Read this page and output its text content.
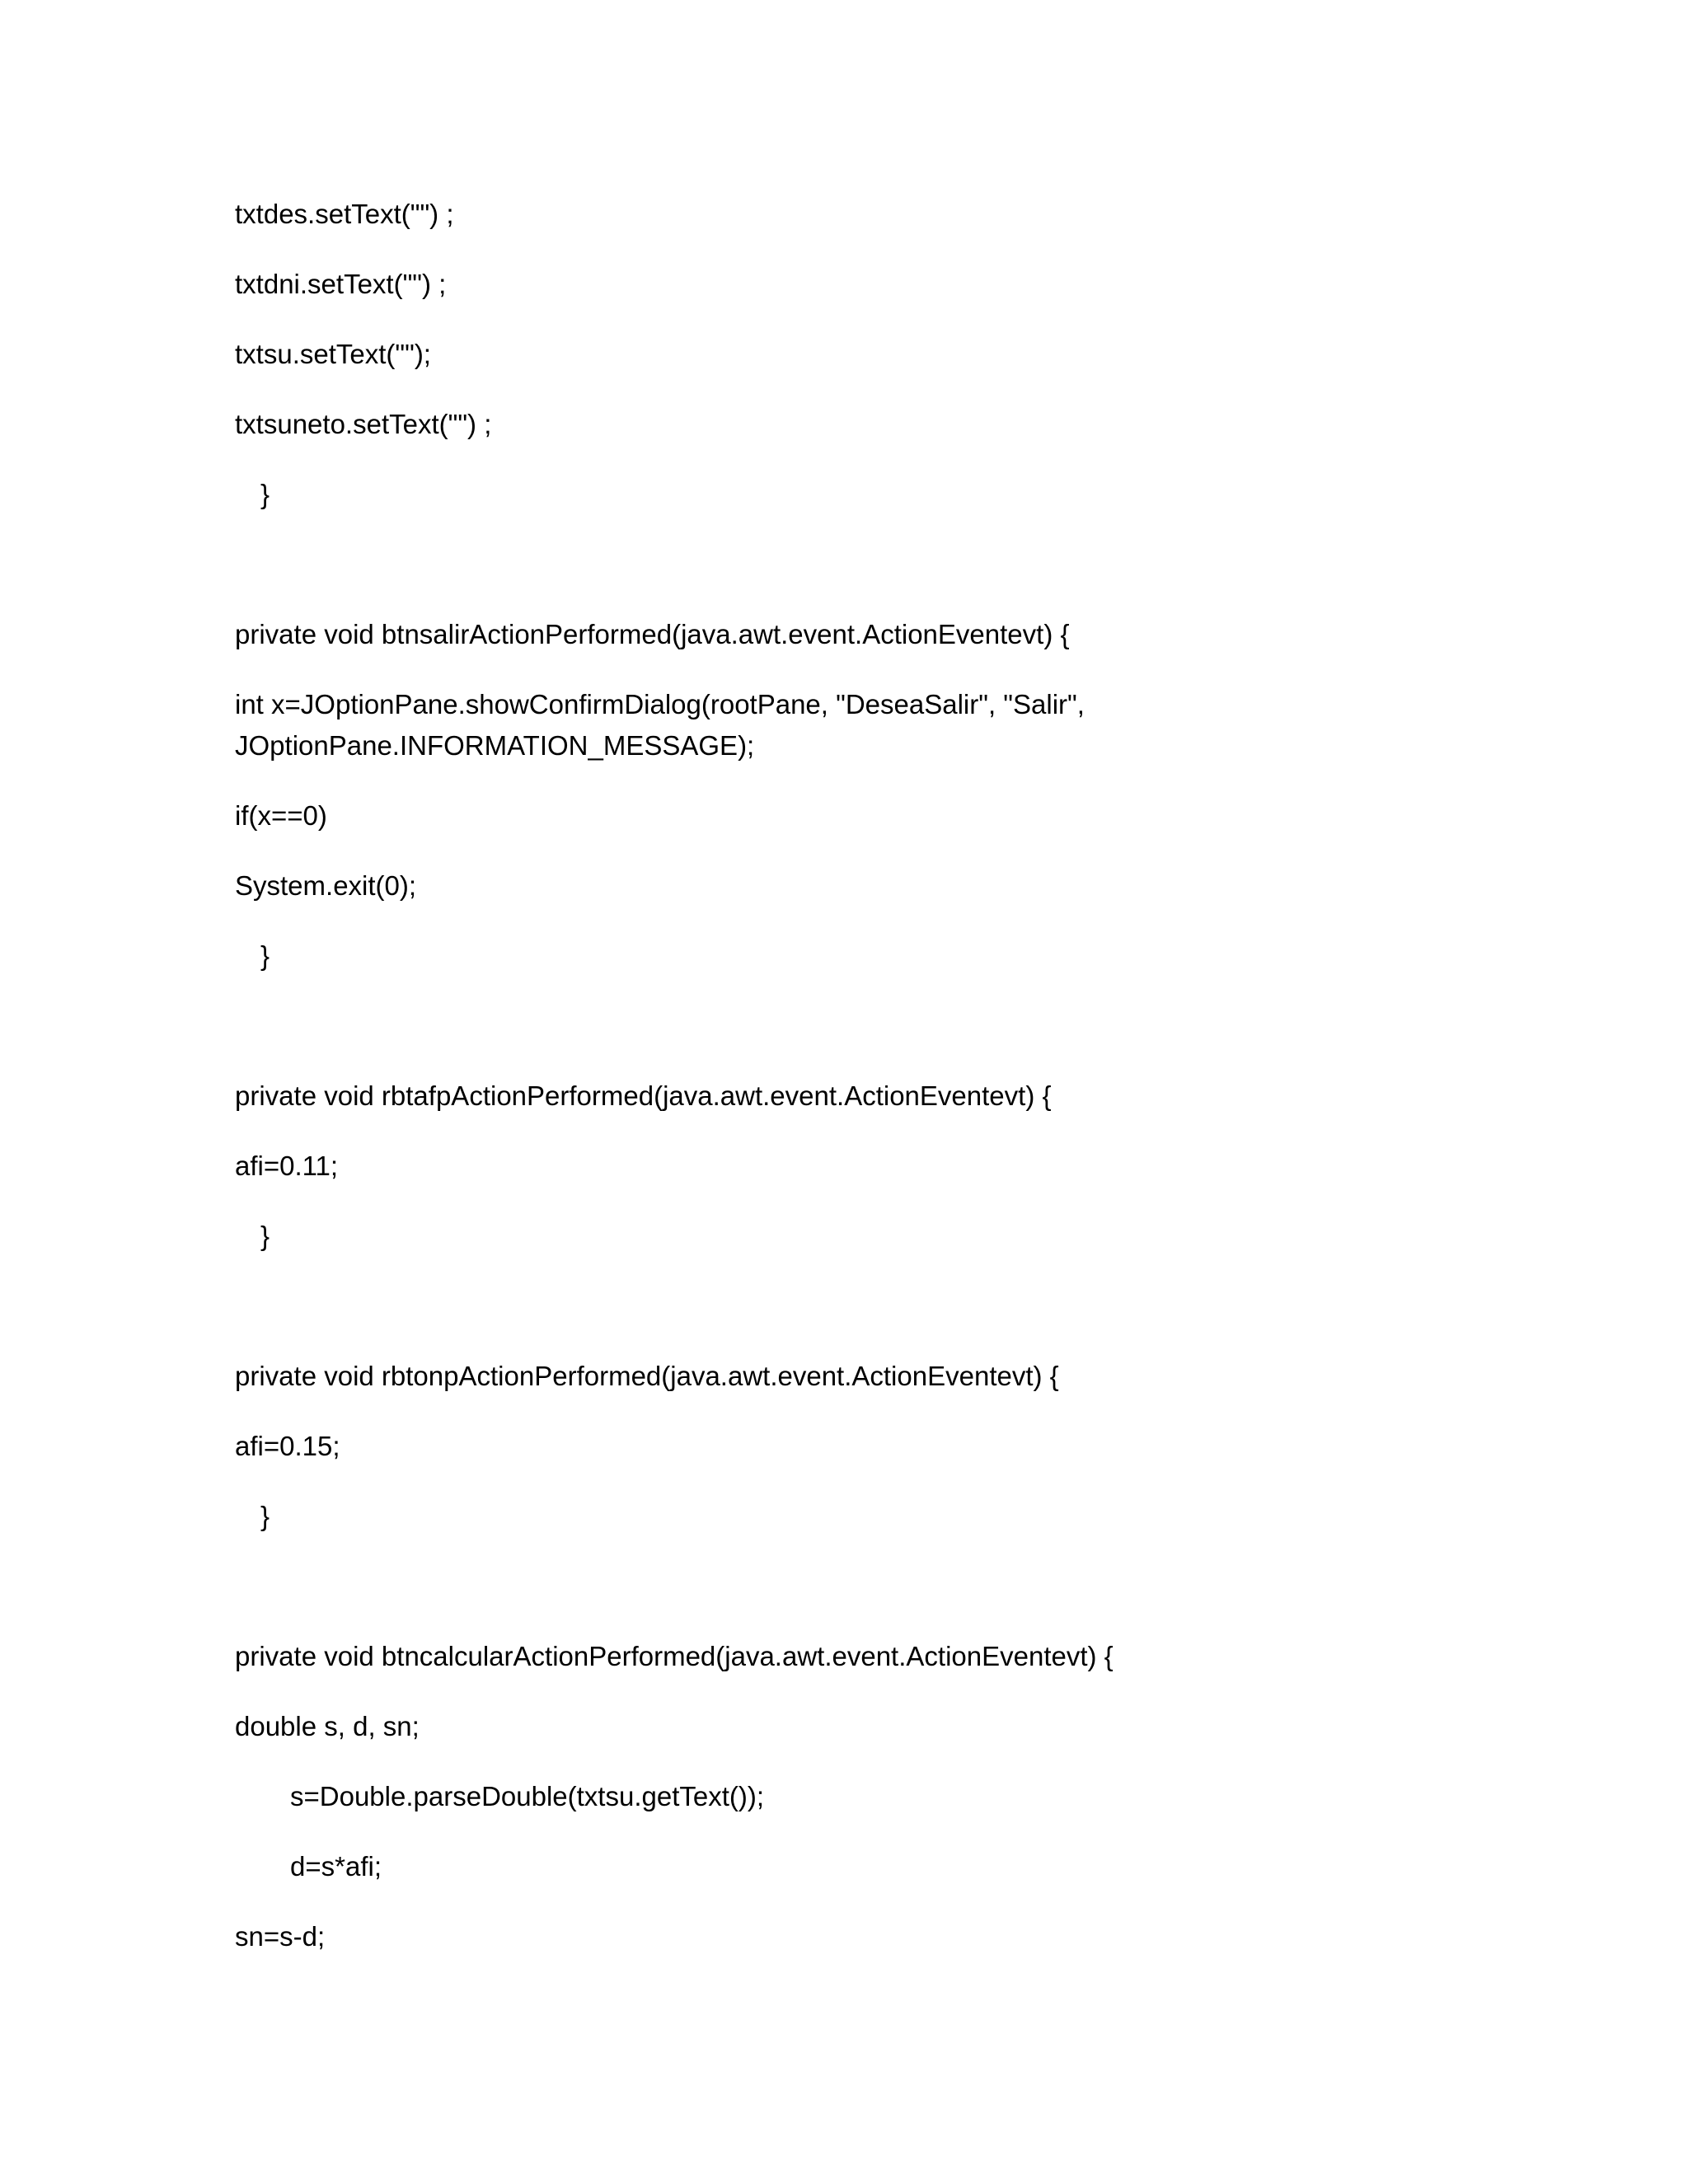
txtdes.setText("") ;
txtdni.setText("") ;
txtsu.setText("");
txtsuneto.setText("") ;
}
private void btnsalirActionPerformed(java.awt.event.ActionEventevt) {
int x=JOptionPane.showConfirmDialog(rootPane, "DeseaSalir", "Salir",
JOptionPane.INFORMATION_MESSAGE);
if(x==0)
System.exit(0);
}
private void rbtafpActionPerformed(java.awt.event.ActionEventevt) {
afi=0.11;
}
private void rbtonpActionPerformed(java.awt.event.ActionEventevt) {
afi=0.15;
}
private void btncalcularActionPerformed(java.awt.event.ActionEventevt) {
double s, d, sn;
s=Double.parseDouble(txtsu.getText());
d=s*afi;
sn=s-d;
